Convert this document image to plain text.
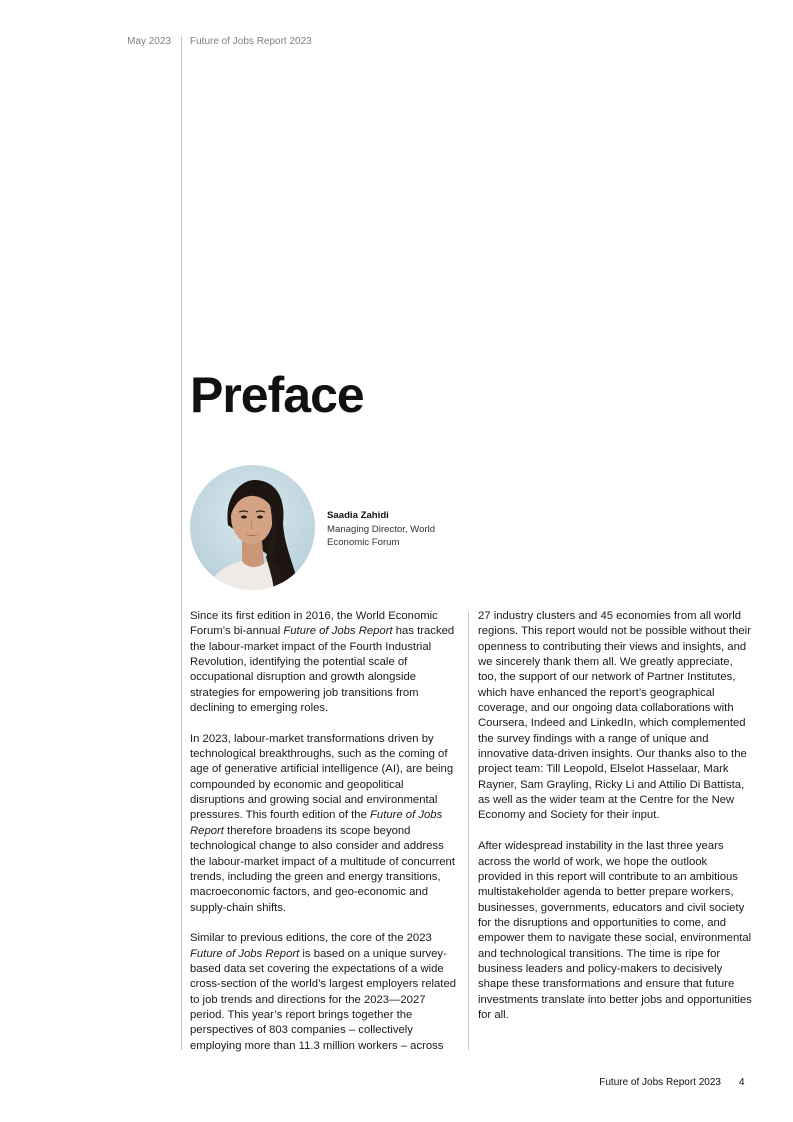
May 2023 Future of Jobs Report 2023
Preface
Saadia Zahidi
Managing Director, World Economic Forum

Since its first edition in 2016, the World Economic Forum’s bi-annual Future of Jobs Report has tracked the labour-market impact of the Fourth Industrial Revolution, identifying the potential scale of occupational disruption and growth alongside strategies for empowering job transitions from declining to emerging roles.

In 2023, labour-market transformations driven by technological breakthroughs, such as the coming of age of generative artificial intelligence (AI), are being compounded by economic and geopolitical disruptions and growing social and environmental pressures. This fourth edition of the Future of Jobs Report therefore broadens its scope beyond technological change to also consider and address the labour-market impact of a multitude of concurrent trends, including the green and energy transitions, macroeconomic factors, and geo-economic and supply-chain shifts.

Similar to previous editions, the core of the 2023 Future of Jobs Report is based on a unique survey-based data set covering the expectations of a wide cross-section of the world’s largest employers related to job trends and directions for the 2023—2027 period. This year’s report brings together the perspectives of 803 companies – collectively employing more than 11.3 million workers – across

27 industry clusters and 45 economies from all world regions. This report would not be possible without their openness to contributing their views and insights, and we sincerely thank them all. We greatly appreciate, too, the support of our network of Partner Institutes, which have enhanced the report’s geographical coverage, and our ongoing data collaborations with Coursera, Indeed and LinkedIn, which complemented the survey findings with a range of unique and innovative data-driven insights. Our thanks also to the project team: Till Leopold, Elselot Hasselaar, Mark Rayner, Sam Grayling, Ricky Li and Attilio Di Battista, as well as the wider team at the Centre for the New Economy and Society for their input.

After widespread instability in the last three years across the world of work, we hope the outlook provided in this report will contribute to an ambitious multistakeholder agenda to better prepare workers, businesses, governments, educators and civil society for the disruptions and opportunities to come, and empower them to navigate these social, environmental and technological transitions. The time is ripe for business leaders and policy-makers to decisively shape these transformations and ensure that future investments translate into better jobs and opportunities for all.

Future of Jobs Report 2023 4
